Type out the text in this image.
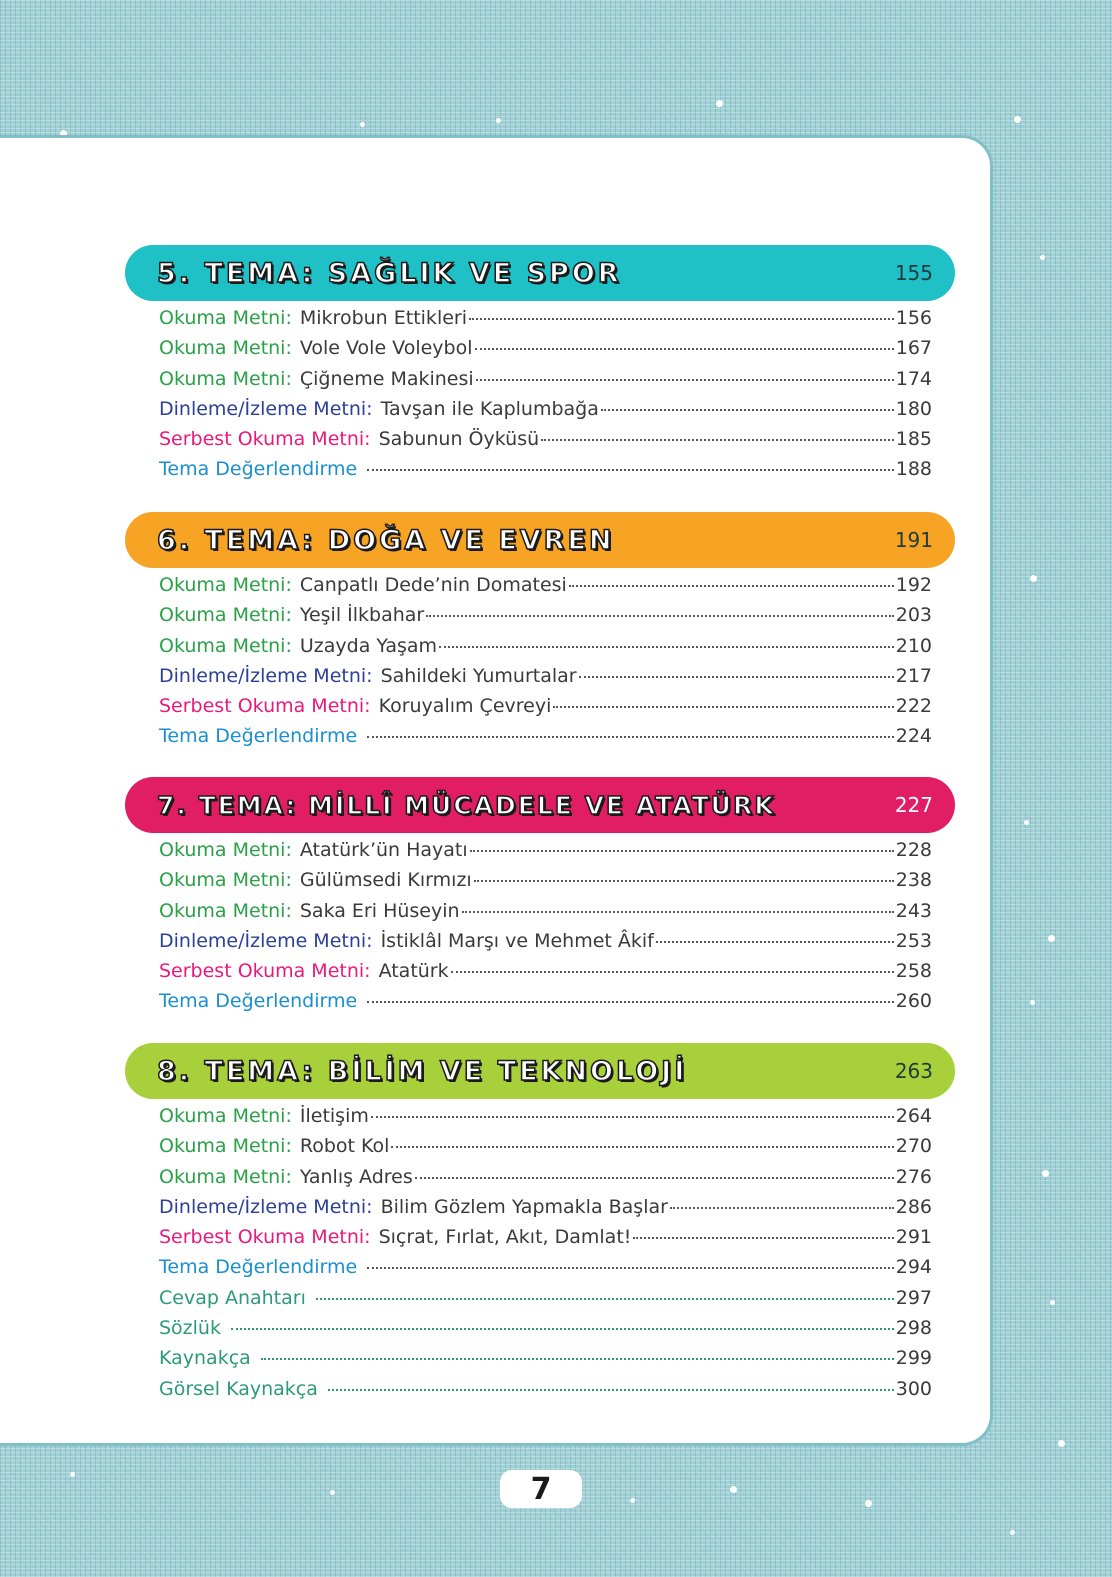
5. TEMA: SAĞLIK VE SPOR	155
Okuma Metni: Mikrobun Ettikleri	156
Okuma Metni: Vole Vole Voleybol	167
Okuma Metni: Çiğneme Makinesi	174
Dinleme/İzleme Metni: Tavşan ile Kaplumbağa	180
Serbest Okuma Metni: Sabunun Öyküsü	185
Tema Değerlendirme	188
6. TEMA: DOĞA VE EVREN	191
Okuma Metni: Canpatlı Dede’nin Domatesi	192
Okuma Metni: Yeşil İlkbahar	203
Okuma Metni: Uzayda Yaşam	210
Dinleme/İzleme Metni: Sahildeki Yumurtalar	217
Serbest Okuma Metni: Koruyalım Çevreyi	222
Tema Değerlendirme	224
7. TEMA: MİLLÎ MÜCADELE VE ATATÜRK	227
Okuma Metni: Atatürk’ün Hayatı	228
Okuma Metni: Gülümsedi Kırmızı	238
Okuma Metni: Saka Eri Hüseyin	243
Dinleme/İzleme Metni: İstiklâl Marşı ve Mehmet Âkif	253
Serbest Okuma Metni: Atatürk	258
Tema Değerlendirme	260
8. TEMA: BİLİM VE TEKNOLOJİ	263
Okuma Metni: İletişim	264
Okuma Metni: Robot Kol	270
Okuma Metni: Yanlış Adres	276
Dinleme/İzleme Metni: Bilim Gözlem Yapmakla Başlar	286
Serbest Okuma Metni: Sıçrat, Fırlat, Akıt, Damlat!	291
Tema Değerlendirme	294
Cevap Anahtarı	297
Sözlük	298
Kaynakça	299
Görsel Kaynakça	300
7
